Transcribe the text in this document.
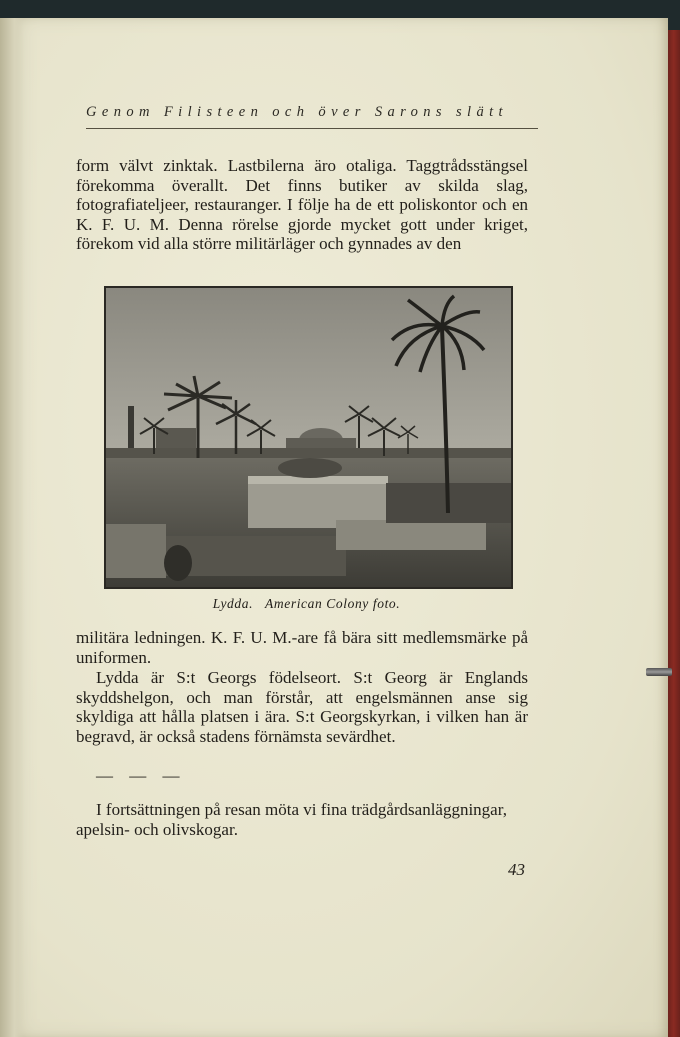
Genom Filisteen och över Sarons slätt

form välvt zinktak. Lastbilerna äro otaliga. Taggtrådsstängsel förekomma överallt. Det finns butiker av skilda slag, fotografiateljeer, restauranger. I följe ha de ett poliskontor och en K. F. U. M. Denna rörelse gjorde mycket gott under kriget, förekom vid alla större militärläger och gynnades av den

Lydda. American Colony foto.

militära ledningen. K. F. U. M.-are få bära sitt medlemsmärke på uniformen.

Lydda är S:t Georgs födelseort. S:t Georg är Englands skyddshelgon, och man förstår, att engelsmännen anse sig skyldiga att hålla platsen i ära. S:t Georgskyrkan, i vilken han är begravd, är också stadens förnämsta sevärdhet.

— — —

I fortsättningen på resan möta vi fina trädgårdsanläggningar, apelsin- och olivskogar.

43
